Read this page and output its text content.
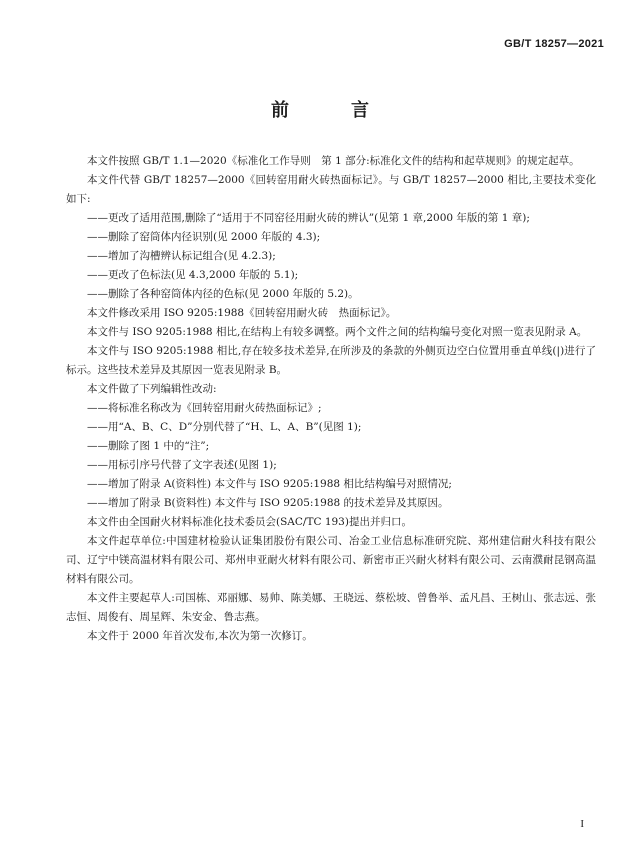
GB/T 18257—2021
前　言

本文件按照 GB/T 1.1—2020《标准化工作导则　第 1 部分:标准化文件的结构和起草规则》的规定起草。

本文件代替 GB/T 18257—2000《回转窑用耐火砖热面标记》。与 GB/T 18257—2000 相比,主要技术变化如下:

——更改了适用范围,删除了“适用于不同窑径用耐火砖的辨认”(见第 1 章,2000 年版的第 1 章);

——删除了窑筒体内径识别(见 2000 年版的 4.3);

——增加了沟槽辨认标记组合(见 4.2.3);

——更改了色标法(见 4.3,2000 年版的 5.1);

——删除了各种窑筒体内径的色标(见 2000 年版的 5.2)。

本文件修改采用 ISO 9205:1988《回转窑用耐火砖　热面标记》。

本文件与 ISO 9205:1988 相比,在结构上有较多调整。两个文件之间的结构编号变化对照一览表见附录 A。

本文件与 ISO 9205:1988 相比,存在较多技术差异,在所涉及的条款的外侧页边空白位置用垂直单线(|)进行了标示。这些技术差异及其原因一览表见附录 B。

本文件做了下列编辑性改动:

——将标准名称改为《回转窑用耐火砖热面标记》;

——用“A、B、C、D”分别代替了“H、L、A、B”(见图 1);

——删除了图 1 中的“注”;

——用标引序号代替了文字表述(见图 1);

——增加了附录 A(资料性) 本文件与 ISO 9205:1988 相比结构编号对照情况;

——增加了附录 B(资料性) 本文件与 ISO 9205:1988 的技术差异及其原因。

本文件由全国耐火材料标准化技术委员会(SAC/TC 193)提出并归口。

本文件起草单位:中国建材检验认证集团股份有限公司、冶金工业信息标准研究院、郑州建信耐火科技有限公司、辽宁中镁高温材料有限公司、郑州申亚耐火材料有限公司、新密市正兴耐火材料有限公司、云南濮耐昆钢高温材料有限公司。

本文件主要起草人:司国栋、邓丽娜、易帅、陈美娜、王晓远、蔡松坡、曾鲁举、孟凡昌、王树山、张志远、张志恒、周俊有、周星辉、朱安金、鲁志燕。

本文件于 2000 年首次发布,本次为第一次修订。

I
